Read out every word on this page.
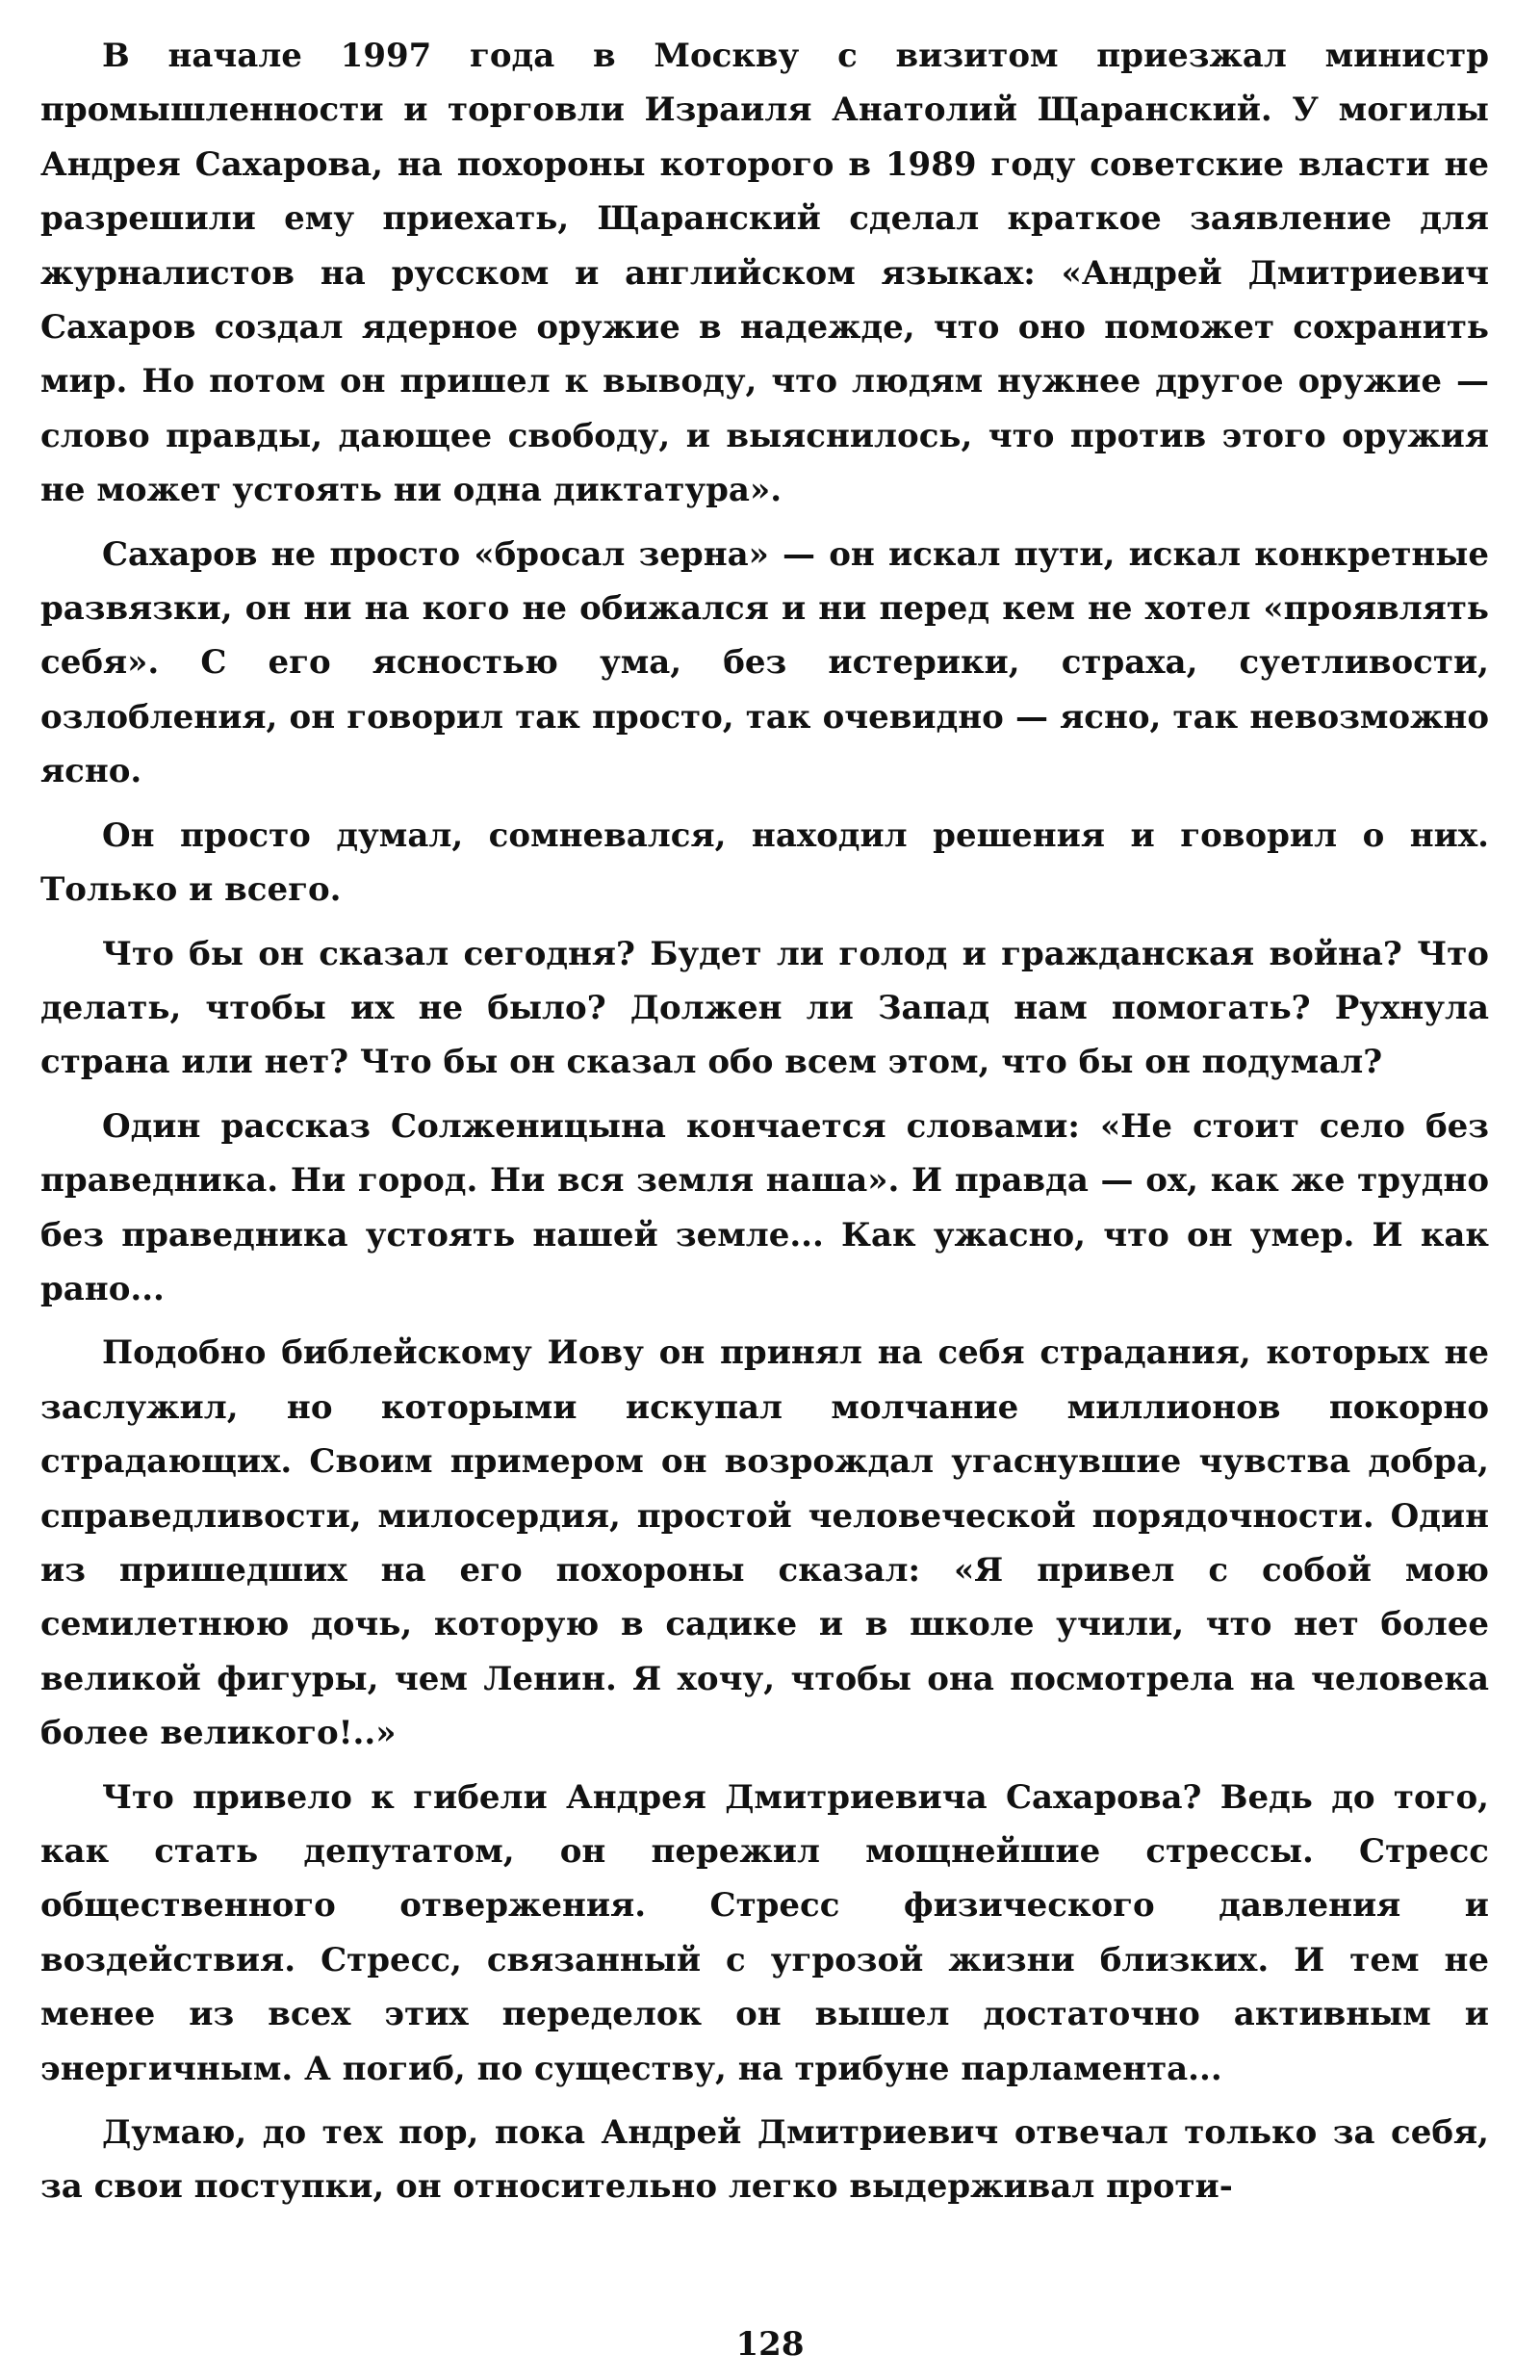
В начале 1997 года в Москву с визитом приезжал министр промышленности и торговли Израиля Анатолий Щаранский. У могилы Андрея Сахарова, на похороны которого в 1989 году советские власти не разрешили ему приехать, Щаранский сделал краткое заявление для журналистов на русском и английском языках: «Андрей Дмитриевич Сахаров создал ядерное оружие в надежде, что оно поможет сохранить мир. Но потом он пришел к выводу, что людям нужнее другое оружие — слово правды, дающее свободу, и выяснилось, что против этого оружия не может устоять ни одна диктатура».

Сахаров не просто «бросал зерна» — он искал пути, искал конкретные развязки, он ни на кого не обижался и ни перед кем не хотел «проявлять себя». С его ясностью ума, без истерики, страха, суетливости, озлобления, он говорил так просто, так очевидно — ясно, так невозможно ясно.

Он просто думал, сомневался, находил решения и говорил о них. Только и всего.

Что бы он сказал сегодня? Будет ли голод и гражданская война? Что делать, чтобы их не было? Должен ли Запад нам помогать? Рухнула страна или нет? Что бы он сказал обо всем этом, что бы он подумал?

Один рассказ Солженицына кончается словами: «Не стоит село без праведника. Ни город. Ни вся земля наша». И правда — ох, как же трудно без праведника устоять нашей земле... Как ужасно, что он умер. И как рано...

Подобно библейскому Иову он принял на себя страдания, которых не заслужил, но которыми искупал молчание миллионов покорно страдающих. Своим примером он возрождал угаснувшие чувства добра, справедливости, милосердия, простой человеческой порядочности. Один из пришедших на его похороны сказал: «Я привел с собой мою семилетнюю дочь, которую в садике и в школе учили, что нет более великой фигуры, чем Ленин. Я хочу, чтобы она посмотрела на человека более великого!..»

Что привело к гибели Андрея Дмитриевича Сахарова? Ведь до того, как стать депутатом, он пережил мощнейшие стрессы. Стресс общественного отвержения. Стресс физического давления и воздействия. Стресс, связанный с угрозой жизни близких. И тем не менее из всех этих переделок он вышел достаточно активным и энергичным. А погиб, по существу, на трибуне парламента...

Думаю, до тех пор, пока Андрей Дмитриевич отвечал только за себя, за свои поступки, он относительно легко выдерживал проти-

128
